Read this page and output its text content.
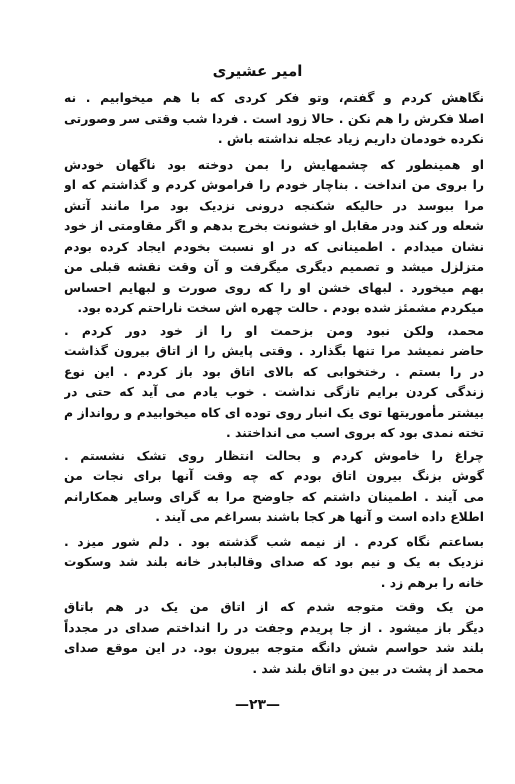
امیر عشیری
نگاهش کردم و گفتم، وتو فکر کردی که با هم میخوابیم . نه
اصلا فکرش را هم نکن . حالا زود است . فردا شب وقتی سر وصورتی
نکرده خودمان داریم زیاد عجله نداشته باش .
او همینطور که چشمهایش را بمن دوخته بود ناگهان خودش
را بروی من انداخت . بناچار خودم را فراموش کردم و گذاشتم که او
مرا ببوسد در حالیکه شکنجه درونی نزدیک بود مرا مانند آتش
شعله ور کند ودر مقابل او خشونت بخرج بدهم و اگر مقاومتی از خود
نشان میدادم . اطمینانی که در او نسبت بخودم ایجاد کرده بودم
متزلزل میشد و تصمیم دیگری میگرفت و آن وقت نقشه قبلی من
بهم میخورد . لبهای خشن او را که روی صورت و لبهایم احساس
میکردم مشمئز شده بودم . حالت چهره اش سخت ناراحتم کرده بود.
محمد، ولکن نبود ومن بزحمت او را از خود دور کردم .
حاضر نمیشد مرا تنها بگذارد . وقتی پایش را از اتاق بیرون گذاشت
در را بستم . رختخوابی که بالای اتاق بود باز کردم . این نوع
زندگی کردن برایم تازگی نداشت . خوب یادم می آید که حتی در
بیشتر مأموریتها توی یک انبار روی توده ای کاه میخوابیدم و روانداز م
تخته نمدی بود که بروی اسب می انداختند .
چراغ را خاموش کردم و بحالت انتظار روی تشک نشستم .
گوش بزنگ بیرون اتاق بودم که چه وقت آنها برای نجات من
می آیند . اطمینان داشتم که جاوضح مرا به گرای وسایر همکارانم
اطلاع داده است و آنها هر کجا باشند بسراغم می آیند .
بساعتم نگاه کردم . از نیمه شب گذشته بود . دلم شور میزد .
نزدیک به یک و نیم بود که صدای وقالبابدر خانه بلند شد وسکوت
خانه را برهم زد .
من یک وقت متوجه شدم که از اتاق من یک در هم باتاق
دیگر باز میشود . از جا پریدم وجفت در را انداختم صدای در مجدداً
بلند شد حواسم شش دانگه متوجه بیرون بود. در این موقع صدای
محمد از پشت در بین دو اتاق بلند شد .
—٢٣—
